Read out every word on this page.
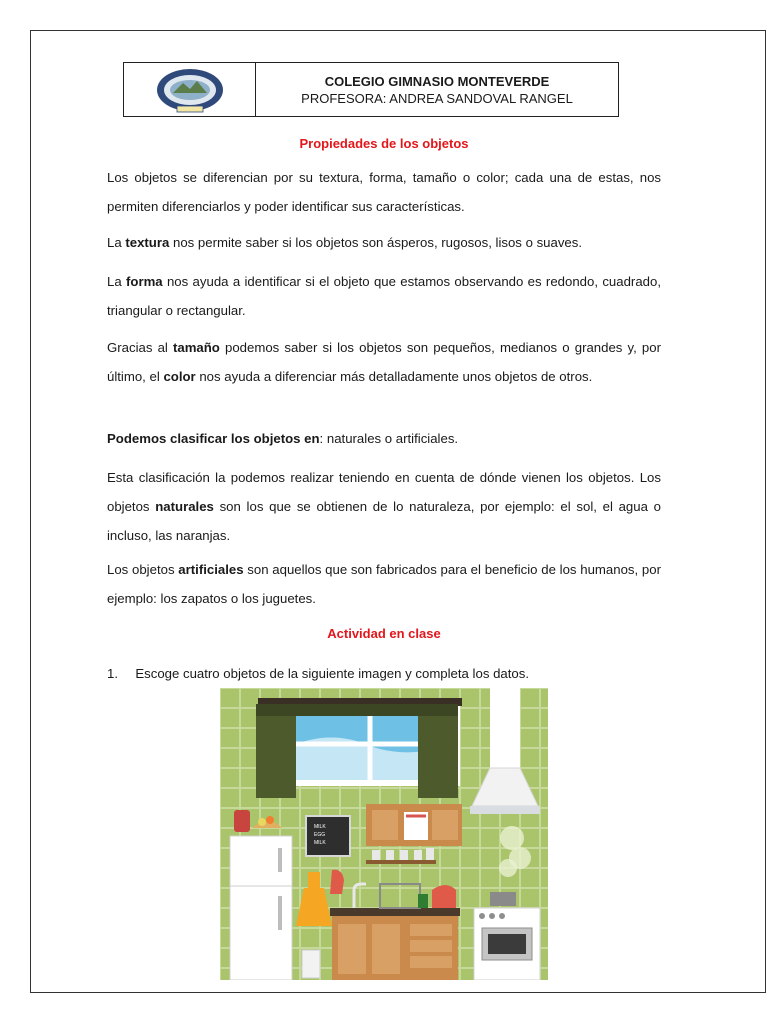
COLEGIO GIMNASIO MONTEVERDE
PROFESORA: ANDREA SANDOVAL RANGEL
Propiedades de los objetos

Los objetos se diferencian por su textura, forma, tamaño o color; cada una de estas, nos permiten diferenciarlos y poder identificar sus características.

La textura nos permite saber si los objetos son ásperos, rugosos, lisos o suaves.

La forma nos ayuda a identificar si el objeto que estamos observando es redondo, cuadrado, triangular o rectangular.

Gracias al tamaño podemos saber si los objetos son pequeños, medianos o grandes y, por último, el color nos ayuda a diferenciar más detalladamente unos objetos de otros.

Podemos clasificar los objetos en: naturales o artificiales.

Esta clasificación la podemos realizar teniendo en cuenta de dónde vienen los objetos. Los objetos naturales son los que se obtienen de lo naturaleza, por ejemplo: el sol, el agua o incluso, las naranjas.

Los objetos artificiales son aquellos que son fabricados para el beneficio de los humanos, por ejemplo: los zapatos o los juguetes.

Actividad en clase
1. Escoge cuatro objetos de la siguiente imagen y completa los datos.
MILK
EGG
MILK
